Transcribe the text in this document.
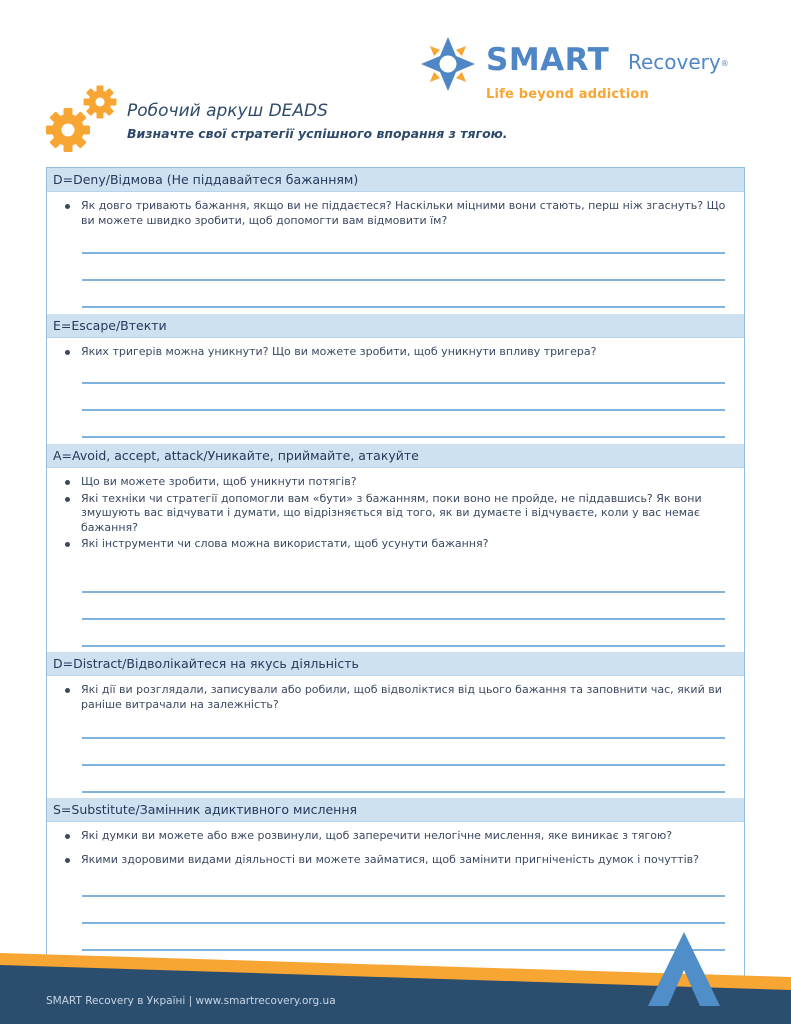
SMART Recovery®
Life beyond addiction
Робочий аркуш DEADS
Визначте свої стратегії успішного впорання з тягою.
D=Deny/Відмова (Не піддавайтеся бажанням)
Як довго тривають бажання, якщо ви не піддаєтеся? Наскільки міцними вони стають, перш ніж згаснуть? Що ви можете швидко зробити, щоб допомогти вам відмовити їм?
E=Escape/Втекти
Яких тригерів можна уникнути? Що ви можете зробити, щоб уникнути впливу тригера?
A=Avoid, accept, attack/Уникайте, приймайте, атакуйте
Що ви можете зробити, щоб уникнути потягів?
Які техніки чи стратегії допомогли вам «бути» з бажанням, поки воно не пройде, не піддавшись? Як вони змушують вас відчувати і думати, що відрізняється від того, як ви думаєте і відчуваєте, коли у вас немає бажання?
Які інструменти чи слова можна використати, щоб усунути бажання?
D=Distract/Відволікайтеся на якусь діяльність
Які дії ви розглядали, записували або робили, щоб відволіктися від цього бажання та заповнити час, який ви раніше витрачали на залежність?
S=Substitute/Замінник адиктивного мислення
Які думки ви можете або вже розвинули, щоб заперечити нелогічне мислення, яке виникає з тягою?
Якими здоровими видами діяльності ви можете займатися, щоб замінити пригніченість думок і почуттів?
SMART Recovery в Україні | www.smartrecovery.org.ua
